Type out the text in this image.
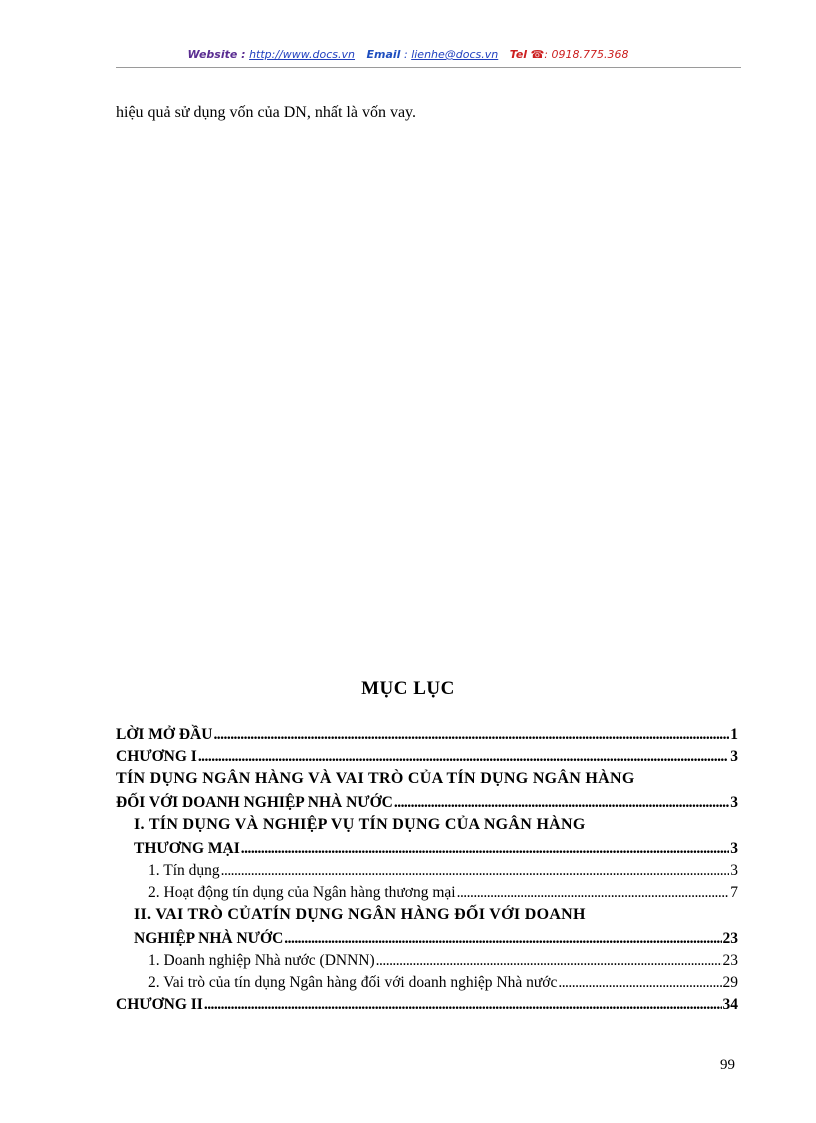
Website : http://www.docs.vn Email : lienhe@docs.vn Tel ☎: 0918.775.368
hiệu quả sử dụng vốn của DN, nhất là vốn vay.
MỤC LỤC
LỜI MỞ ĐẦU . . .	1
CHƯƠNG I . . .	3
TÍN DỤNG NGÂN HÀNG VÀ VAI TRÒ CỦA TÍN DỤNG NGÂN HÀNG
ĐỐI VỚI DOANH NGHIỆP NHÀ NƯỚC . . .	3
I. TÍN DỤNG VÀ NGHIỆP VỤ TÍN DỤNG CỦA NGÂN HÀNG
THƯƠNG MẠI . . .	3
1. Tín dụng . . .	3
2. Hoạt động tín dụng của Ngân hàng thương mại . . .	7
II. VAI TRÒ CỦATÍN DỤNG NGÂN HÀNG ĐỐI VỚI DOANH
NGHIỆP NHÀ NƯỚC . . .	23
1. Doanh nghiệp Nhà nước (DNNN) . . .	23
2. Vai trò của tín dụng Ngân hàng đối với doanh nghiệp Nhà nước . . .	29
CHƯƠNG II . . .	34
99
